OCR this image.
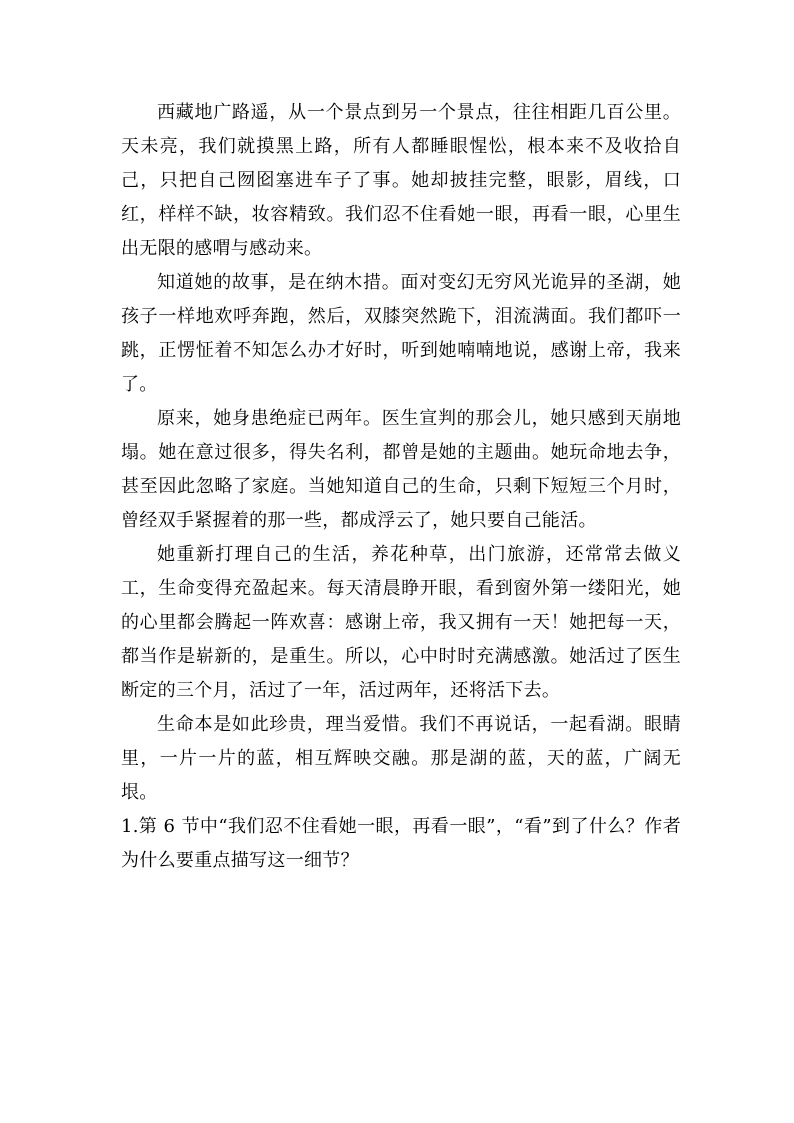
西藏地广路遥，从一个景点到另一个景点，往往相距几百公里。天未亮，我们就摸黑上路，所有人都睡眼惺忪，根本来不及收拾自己，只把自己囫囵塞进车子了事。她却披挂完整，眼影，眉线，口红，样样不缺，妆容精致。我们忍不住看她一眼，再看一眼，心里生出无限的感喟与感动来。

知道她的故事，是在纳木措。面对变幻无穷风光诡异的圣湖，她孩子一样地欢呼奔跑，然后，双膝突然跪下，泪流满面。我们都吓一跳，正愣怔着不知怎么办才好时，听到她喃喃地说，感谢上帝，我来了。

原来，她身患绝症已两年。医生宣判的那会儿，她只感到天崩地塌。她在意过很多，得失名利，都曾是她的主题曲。她玩命地去争，甚至因此忽略了家庭。当她知道自己的生命，只剩下短短三个月时，曾经双手紧握着的那一些，都成浮云了，她只要自己能活。

她重新打理自己的生活，养花种草，出门旅游，还常常去做义工，生命变得充盈起来。每天清晨睁开眼，看到窗外第一缕阳光，她的心里都会腾起一阵欢喜：感谢上帝，我又拥有一天！她把每一天，都当作是崭新的，是重生。所以，心中时时充满感激。她活过了医生断定的三个月，活过了一年，活过两年，还将活下去。

生命本是如此珍贵，理当爱惜。我们不再说话，一起看湖。眼睛里，一片一片的蓝，相互辉映交融。那是湖的蓝，天的蓝，广阔无垠。

1.第 6 节中“我们忍不住看她一眼，再看一眼”，“看”到了什么？作者为什么要重点描写这一细节？
